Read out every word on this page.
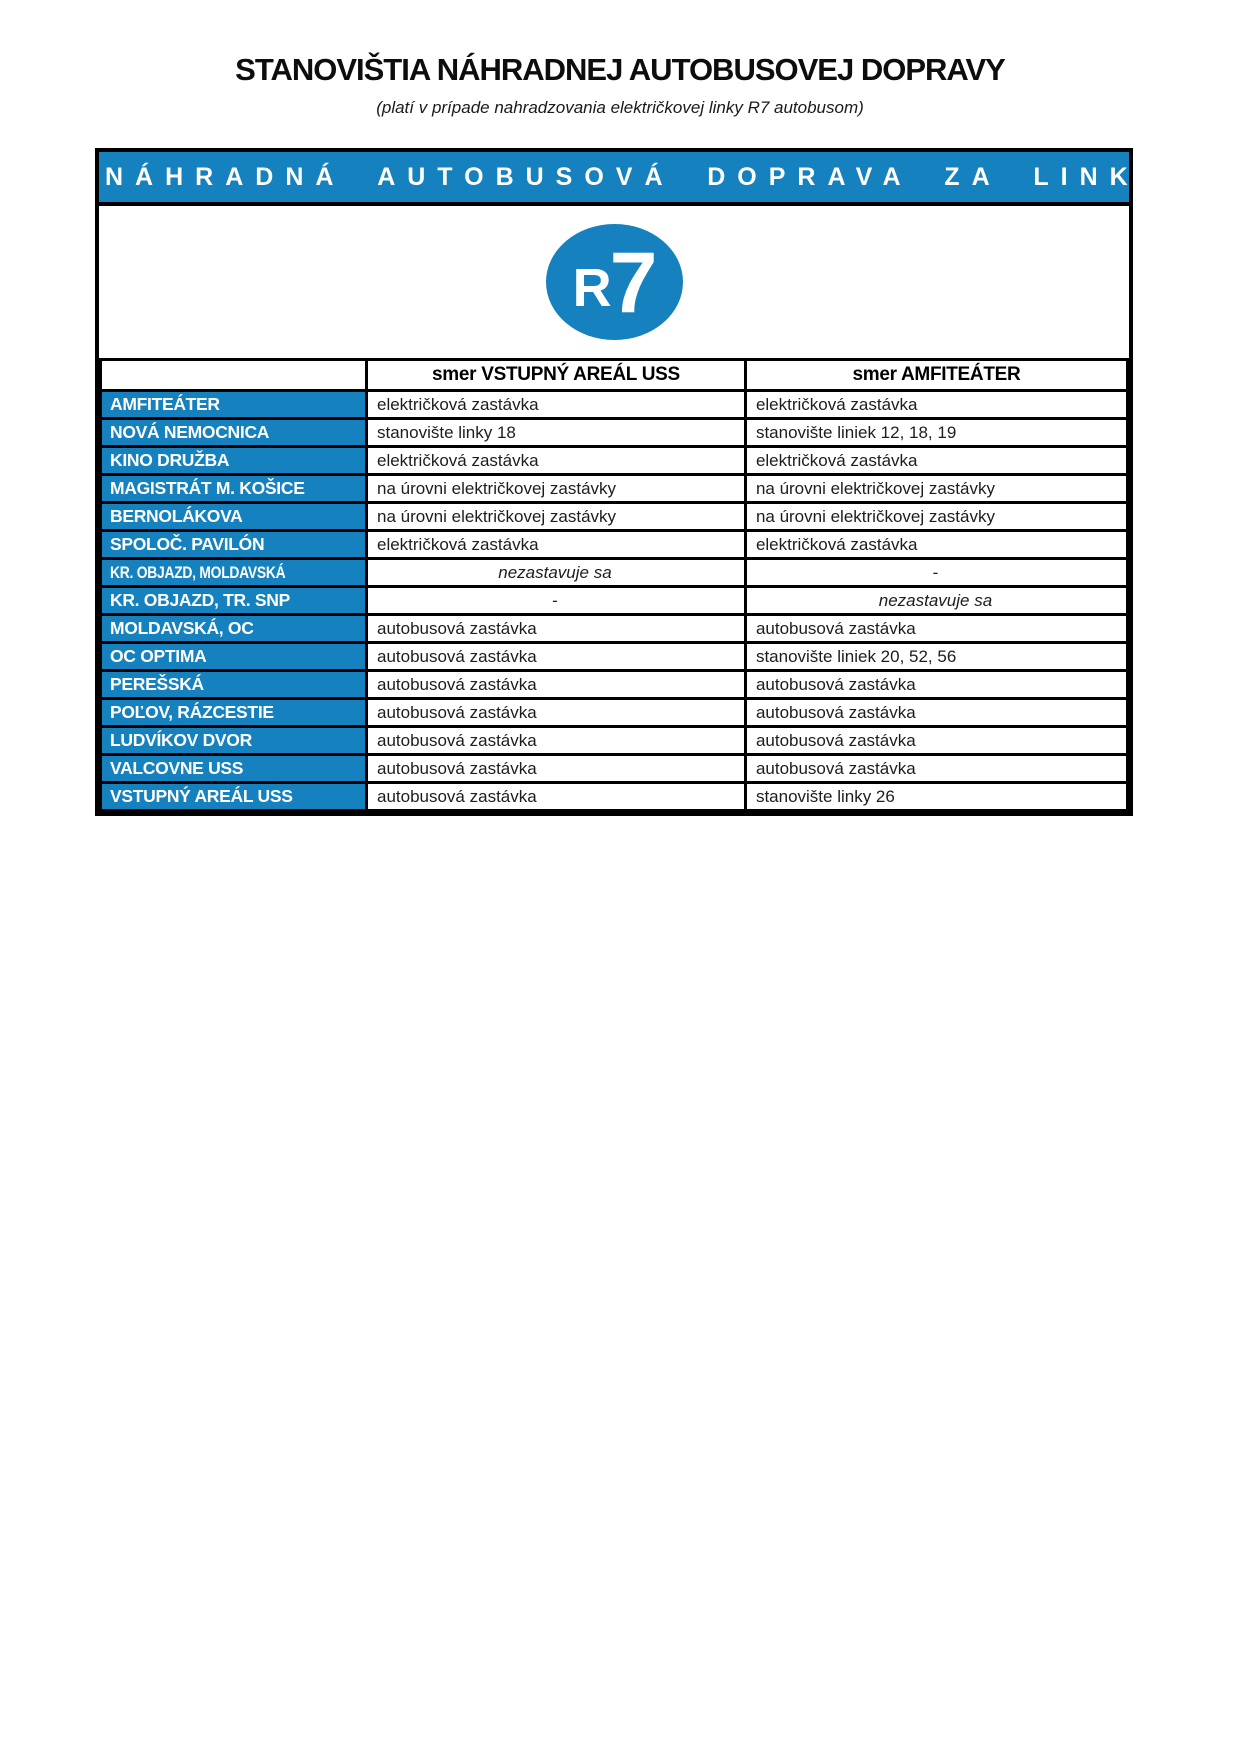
STANOVIŠTIA NÁHRADNEJ AUTOBUSOVEJ DOPRAVY

(platí v prípade nahradzovania električkovej linky R7 autobusom)

NÁHRADNÁ AUTOBUSOVÁ DOPRAVA ZA LINKU
R 7
	smer VSTUPNÝ AREÁL USS	smer AMFITEÁTER
AMFITEÁTER	električková zastávka	električková zastávka
NOVÁ NEMOCNICA	stanovište linky 18	stanovište liniek 12, 18, 19
KINO DRUŽBA	električková zastávka	električková zastávka
MAGISTRÁT M. KOŠICE	na úrovni električkovej zastávky	na úrovni električkovej zastávky
BERNOLÁKOVA	na úrovni električkovej zastávky	na úrovni električkovej zastávky
SPOLOČ. PAVILÓN	električková zastávka	električková zastávka
KR. OBJAZD, MOLDAVSKÁ	nezastavuje sa	-
KR. OBJAZD, TR. SNP	-	nezastavuje sa
MOLDAVSKÁ, OC	autobusová zastávka	autobusová zastávka
OC OPTIMA	autobusová zastávka	stanovište liniek 20, 52, 56
PEREŠSKÁ	autobusová zastávka	autobusová zastávka
POĽOV, RÁZCESTIE	autobusová zastávka	autobusová zastávka
LUDVÍKOV DVOR	autobusová zastávka	autobusová zastávka
VALCOVNE USS	autobusová zastávka	autobusová zastávka
VSTUPNÝ AREÁL USS	autobusová zastávka	stanovište linky 26
